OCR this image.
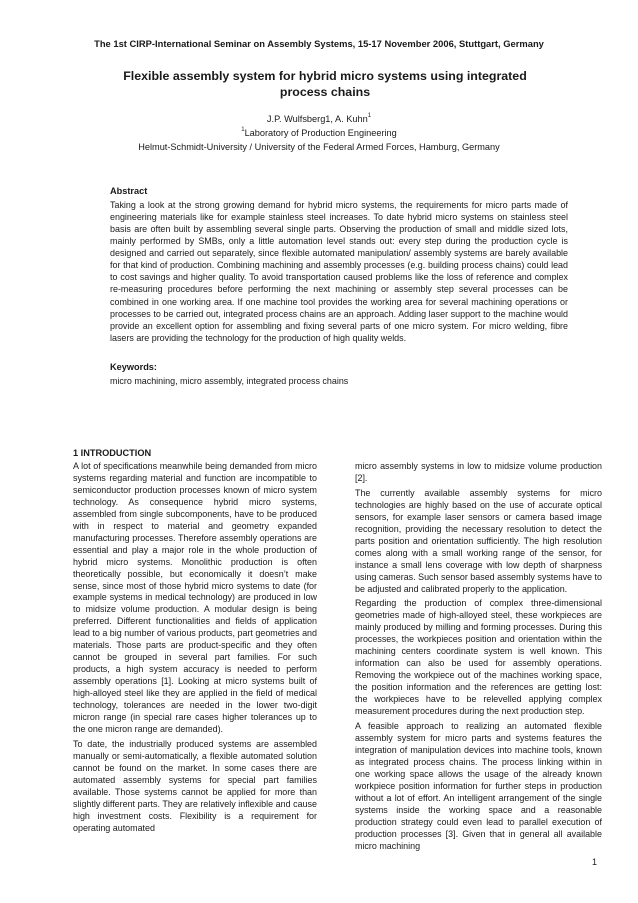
The 1st CIRP-International Seminar on Assembly Systems, 15-17 November 2006, Stuttgart, Germany
Flexible assembly system for hybrid micro systems using integrated process chains
J.P. Wulfsberg1, A. Kuhn$^1$
$^1$Laboratory of Production Engineering
Helmut-Schmidt-University / University of the Federal Armed Forces, Hamburg, Germany
Abstract
Taking a look at the strong growing demand for hybrid micro systems, the requirements for micro parts made of engineering materials like for example stainless steel increases. To date hybrid micro systems on stainless steel basis are often built by assembling several single parts. Observing the production of small and middle sized lots, mainly performed by SMBs, only a little automation level stands out: every step during the production cycle is designed and carried out separately, since flexible automated manipulation/ assembly systems are barely available for that kind of production. Combining machining and assembly processes (e.g. building process chains) could lead to cost savings and higher quality. To avoid transportation caused problems like the loss of reference and complex re-measuring procedures before performing the next machining or assembly step several processes can be combined in one working area. If one machine tool provides the working area for several machining operations or processes to be carried out, integrated process chains are an approach. Adding laser support to the machine would provide an excellent option for assembling and fixing several parts of one micro system. For micro welding, fibre lasers are providing the technology for the production of high quality welds.
Keywords:
micro machining, micro assembly, integrated process chains
1 INTRODUCTION

A lot of specifications meanwhile being demanded from micro systems regarding material and function are incompatible to semiconductor production processes known of micro system technology. As consequence hybrid micro systems, assembled from single subcomponents, have to be produced with in respect to material and geometry expanded manufacturing processes. Therefore assembly operations are essential and play a major role in the whole production of hybrid micro systems. Monolithic production is often theoretically possible, but economically it doesn’t make sense, since most of those hybrid micro systems to date (for example systems in medical technology) are produced in low to midsize volume production. A modular design is being preferred. Different functionalities and fields of application lead to a big number of various products, part geometries and materials. Those parts are product-specific and they often cannot be grouped in several part families. For such products, a high system accuracy is needed to perform assembly operations [1]. Looking at micro systems built of high-alloyed steel like they are applied in the field of medical technology, tolerances are needed in the lower two-digit micron range (in special rare cases higher tolerances up to the one micron range are demanded).

To date, the industrially produced systems are assembled manually or semi-automatically, a flexible automated solution cannot be found on the market. In some cases there are automated assembly systems for special part families available. Those systems cannot be applied for more than slightly different parts. They are relatively inflexible and cause high investment costs. Flexibility is a requirement for operating automated

micro assembly systems in low to midsize volume production [2].

The currently available assembly systems for micro technologies are highly based on the use of accurate optical sensors, for example laser sensors or camera based image recognition, providing the necessary resolution to detect the parts position and orientation sufficiently. The high resolution comes along with a small working range of the sensor, for instance a small lens coverage with low depth of sharpness using cameras. Such sensor based assembly systems have to be adjusted and calibrated properly to the application.

Regarding the production of complex three-dimensional geometries made of high-alloyed steel, these workpieces are mainly produced by milling and forming processes. During this processes, the workpieces position and orientation within the machining centers coordinate system is well known. This information can also be used for assembly operations. Removing the workpiece out of the machines working space, the position information and the references are getting lost: the workpieces have to be relevelled applying complex measurement procedures during the next production step.

A feasible approach to realizing an automated flexible assembly system for micro parts and systems features the integration of manipulation devices into machine tools, known as integrated process chains. The process linking within in one working space allows the usage of the already known workpiece position information for further steps in production without a lot of effort. An intelligent arrangement of the single systems inside the working space and a reasonable production strategy could even lead to parallel execution of production processes [3]. Given that in general all available micro machining

1
